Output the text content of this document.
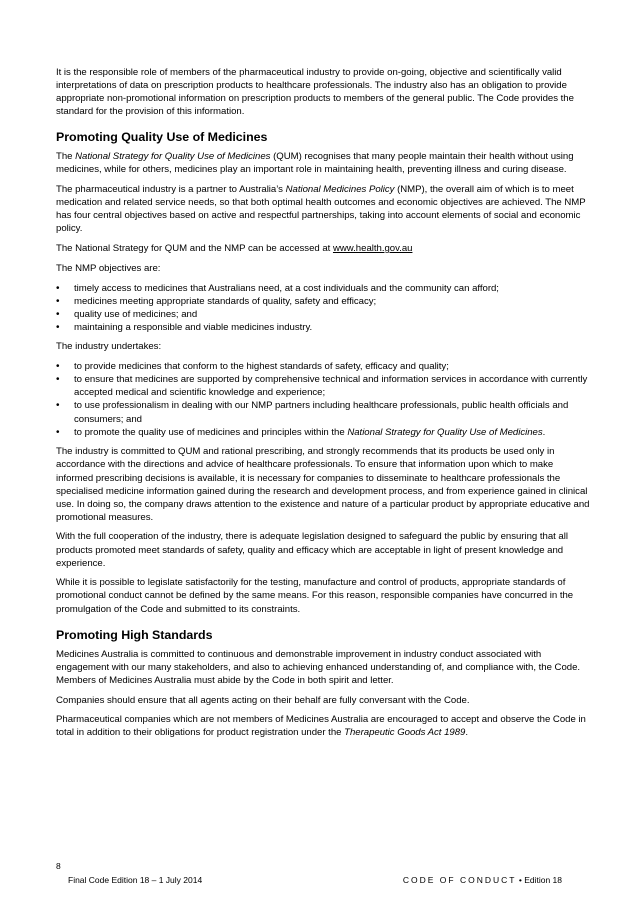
It is the responsible role of members of the pharmaceutical industry to provide on-going, objective and scientifically valid interpretations of data on prescription products to healthcare professionals. The industry also has an obligation to provide appropriate non-promotional information on prescription products to members of the general public. The Code provides the standard for the provision of this information.

Promoting Quality Use of Medicines

The National Strategy for Quality Use of Medicines (QUM) recognises that many people maintain their health without using medicines, while for others, medicines play an important role in maintaining health, preventing illness and curing disease.

The pharmaceutical industry is a partner to Australia’s National Medicines Policy (NMP), the overall aim of which is to meet medication and related service needs, so that both optimal health outcomes and economic objectives are achieved. The NMP has four central objectives based on active and respectful partnerships, taking into account elements of social and economic policy.

The National Strategy for QUM and the NMP can be accessed at www.health.gov.au

The NMP objectives are:

• timely access to medicines that Australians need, at a cost individuals and the community can afford;
• medicines meeting appropriate standards of quality, safety and efficacy;
• quality use of medicines; and
• maintaining a responsible and viable medicines industry.

The industry undertakes:

• to provide medicines that conform to the highest standards of safety, efficacy and quality;
• to ensure that medicines are supported by comprehensive technical and information services in accordance with currently accepted medical and scientific knowledge and experience;
• to use professionalism in dealing with our NMP partners including healthcare professionals, public health officials and consumers; and
• to promote the quality use of medicines and principles within the National Strategy for Quality Use of Medicines.

The industry is committed to QUM and rational prescribing, and strongly recommends that its products be used only in accordance with the directions and advice of healthcare professionals. To ensure that information upon which to make informed prescribing decisions is available, it is necessary for companies to disseminate to healthcare professionals the specialised medicine information gained during the research and development process, and from experience gained in clinical use. In doing so, the company draws attention to the existence and nature of a particular product by appropriate educative and promotional measures.

With the full cooperation of the industry, there is adequate legislation designed to safeguard the public by ensuring that all products promoted meet standards of safety, quality and efficacy which are acceptable in light of present knowledge and experience.

While it is possible to legislate satisfactorily for the testing, manufacture and control of products, appropriate standards of promotional conduct cannot be defined by the same means. For this reason, responsible companies have concurred in the promulgation of the Code and submitted to its constraints.

Promoting High Standards

Medicines Australia is committed to continuous and demonstrable improvement in industry conduct associated with engagement with our many stakeholders, and also to achieving enhanced understanding of, and compliance with, the Code. Members of Medicines Australia must abide by the Code in both spirit and letter.

Companies should ensure that all agents acting on their behalf are fully conversant with the Code.

Pharmaceutical companies which are not members of Medicines Australia are encouraged to accept and observe the Code in total in addition to their obligations for product registration under the Therapeutic Goods Act 1989.

8
Final Code Edition 18 – 1 July 2014	CODE OF CONDUCT • Edition 18
